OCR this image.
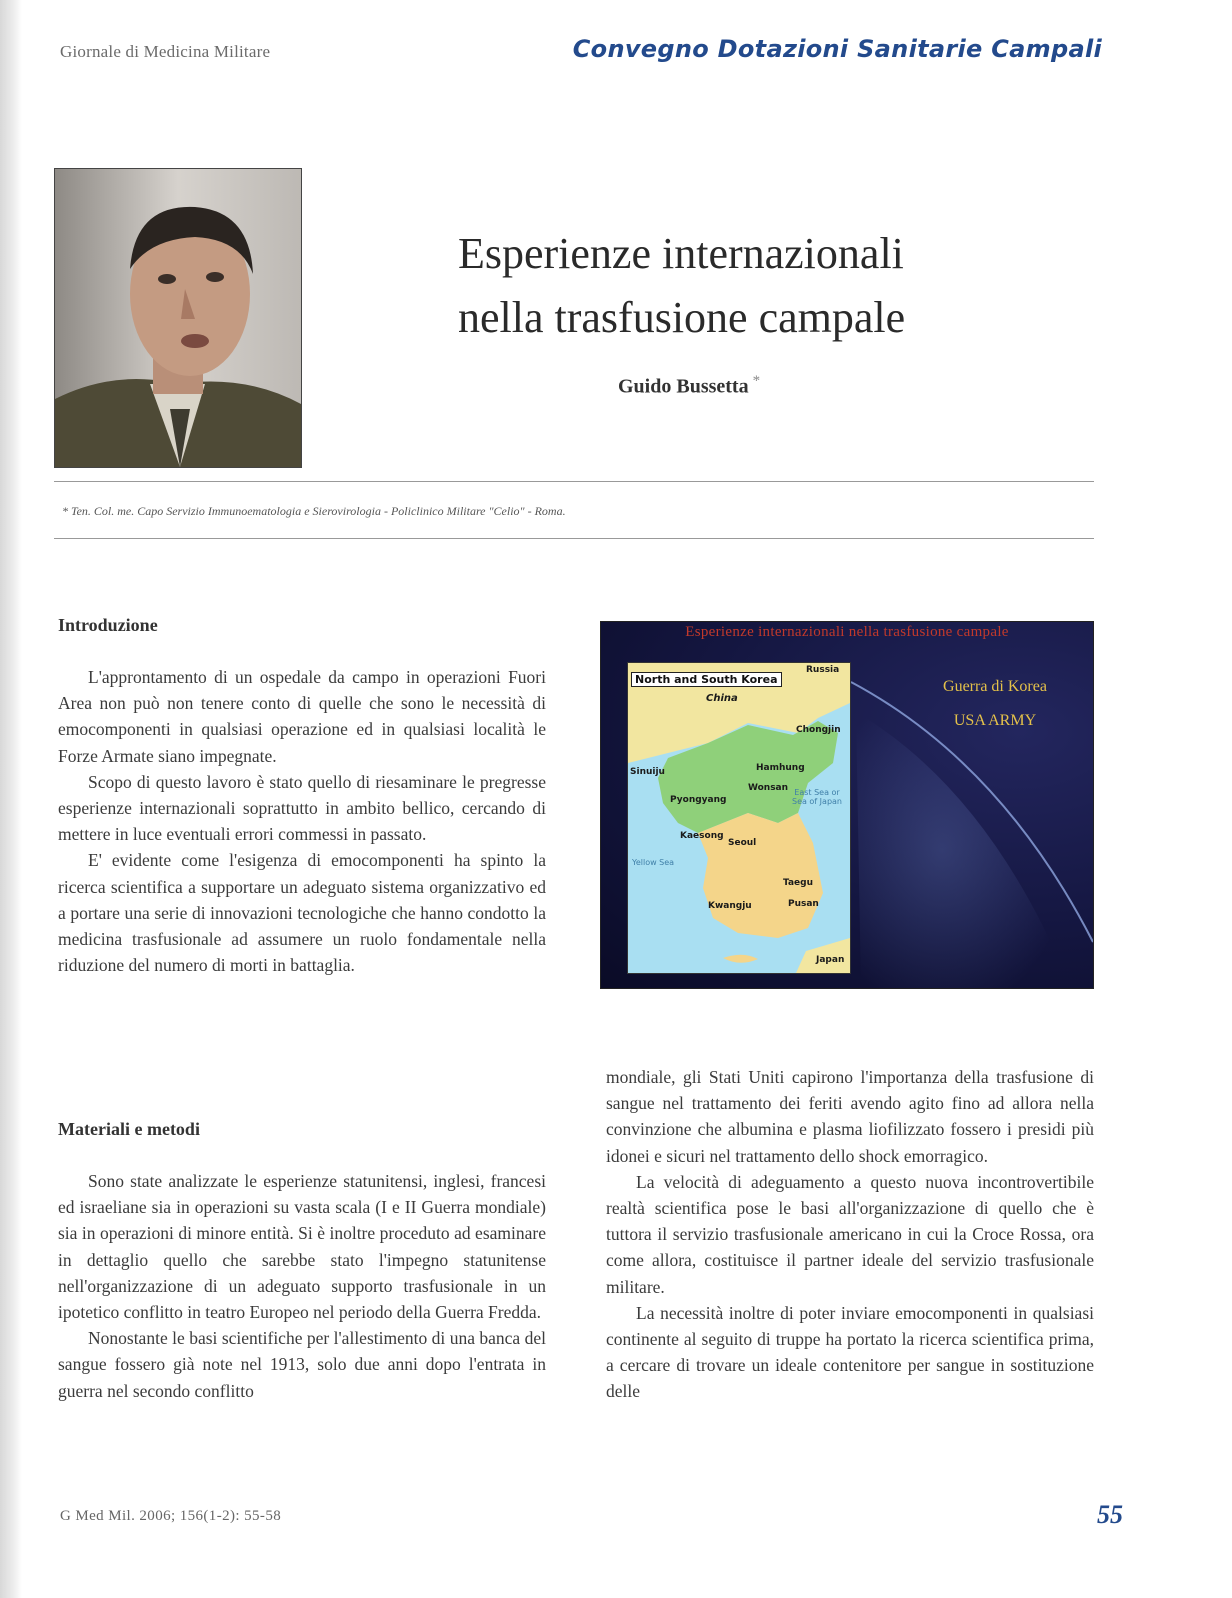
Giornale di Medicina Militare	Convegno Dotazioni Sanitarie Campali
Esperienze internazionali
nella trasfusione campale
Guido Bussetta *
* Ten. Col. me. Capo Servizio Immunoematologia e Sierovirologia - Policlinico Militare "Celio" - Roma.
Introduzione

L'approntamento di un ospedale da campo in operazioni Fuori Area non può non tenere conto di quelle che sono le necessità di emocomponenti in qualsiasi operazione ed in qualsiasi località le Forze Armate siano impegnate.

Scopo di questo lavoro è stato quello di riesaminare le pregresse esperienze internazionali soprattutto in ambito bellico, cercando di mettere in luce eventuali errori commessi in passato.

E' evidente come l'esigenza di emocomponenti ha spinto la ricerca scientifica a supportare un adeguato sistema organizzativo ed a portare una serie di innovazioni tecnologiche che hanno condotto la medicina trasfusionale ad assumere un ruolo fondamentale nella riduzione del numero di morti in battaglia.

Materiali e metodi

Sono state analizzate le esperienze statunitensi, inglesi, francesi ed israeliane sia in operazioni su vasta scala (I e II Guerra mondiale) sia in operazioni di minore entità. Si è inoltre proceduto ad esaminare in dettaglio quello che sarebbe stato l'impegno statunitense nell'organizzazione di un adeguato supporto trasfusionale in un ipotetico conflitto in teatro Europeo nel periodo della Guerra Fredda.

Nonostante le basi scientifiche per l'allestimento di una banca del sangue fossero già note nel 1913, solo due anni dopo l'entrata in guerra nel secondo conflitto

Esperienze internazionali nella trasfusione campale
Guerra di Korea
USA ARMY
North and South Korea
China
Russia
Pyongyang
Seoul
Yellow Sea
East Sea or Sea of Japan
Japan
Kaesong
Wonsan
Pusan
Taegu
Kwangju
Hamhung
Chongjin
Sinuiju

mondiale, gli Stati Uniti capirono l'importanza della trasfusione di sangue nel trattamento dei feriti avendo agito fino ad allora nella convinzione che albumina e plasma liofilizzato fossero i presidi più idonei e sicuri nel trattamento dello shock emorragico.

La velocità di adeguamento a questo nuova incontrovertibile realtà scientifica pose le basi all'organizzazione di quello che è tuttora il servizio trasfusionale americano in cui la Croce Rossa, ora come allora, costituisce il partner ideale del servizio trasfusionale militare.

La necessità inoltre di poter inviare emocomponenti in qualsiasi continente al seguito di truppe ha portato la ricerca scientifica prima, a cercare di trovare un ideale contenitore per sangue in sostituzione delle

G Med Mil. 2006; 156(1-2): 55-58	55
